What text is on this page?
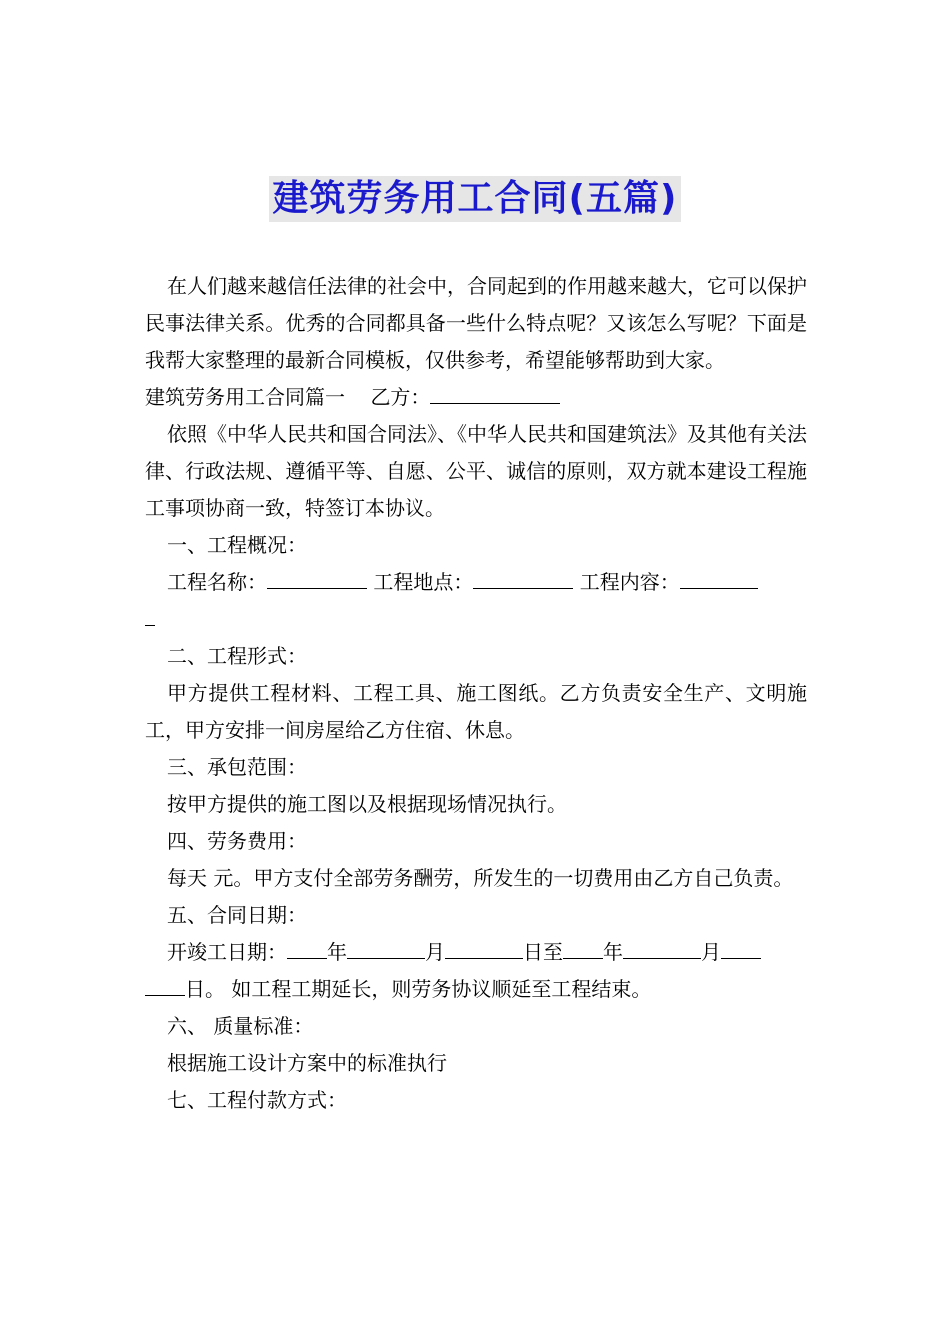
建筑劳务用工合同(五篇)

在人们越来越信任法律的社会中，合同起到的作用越来越大，它可以保护民事法律关系。优秀的合同都具备一些什么特点呢？又该怎么写呢？下面是我帮大家整理的最新合同模板，仅供参考，希望能够帮助到大家。

建筑劳务用工合同篇一 乙方：

依照《中华人民共和国合同法》、《中华人民共和国建筑法》及其他有关法律、行政法规、遵循平等、自愿、公平、诚信的原则，双方就本建设工程施工事项协商一致，特签订本协议。

一、工程概况：

工程名称：	工程地点：	工程内容：

二、工程形式：

甲方提供工程材料、工程工具、施工图纸。乙方负责安全生产、文明施工，甲方安排一间房屋给乙方住宿、休息。

三、承包范围：

按甲方提供的施工图以及根据现场情况执行。

四、劳务费用：

每天 元。甲方支付全部劳务酬劳，所发生的一切费用由乙方自己负责。

五、合同日期：

开竣工日期： 年	月	日至 年	月

日。 如工程工期延长，则劳务协议顺延至工程结束。

六、 质量标准：

根据施工设计方案中的标准执行

七、工程付款方式：
